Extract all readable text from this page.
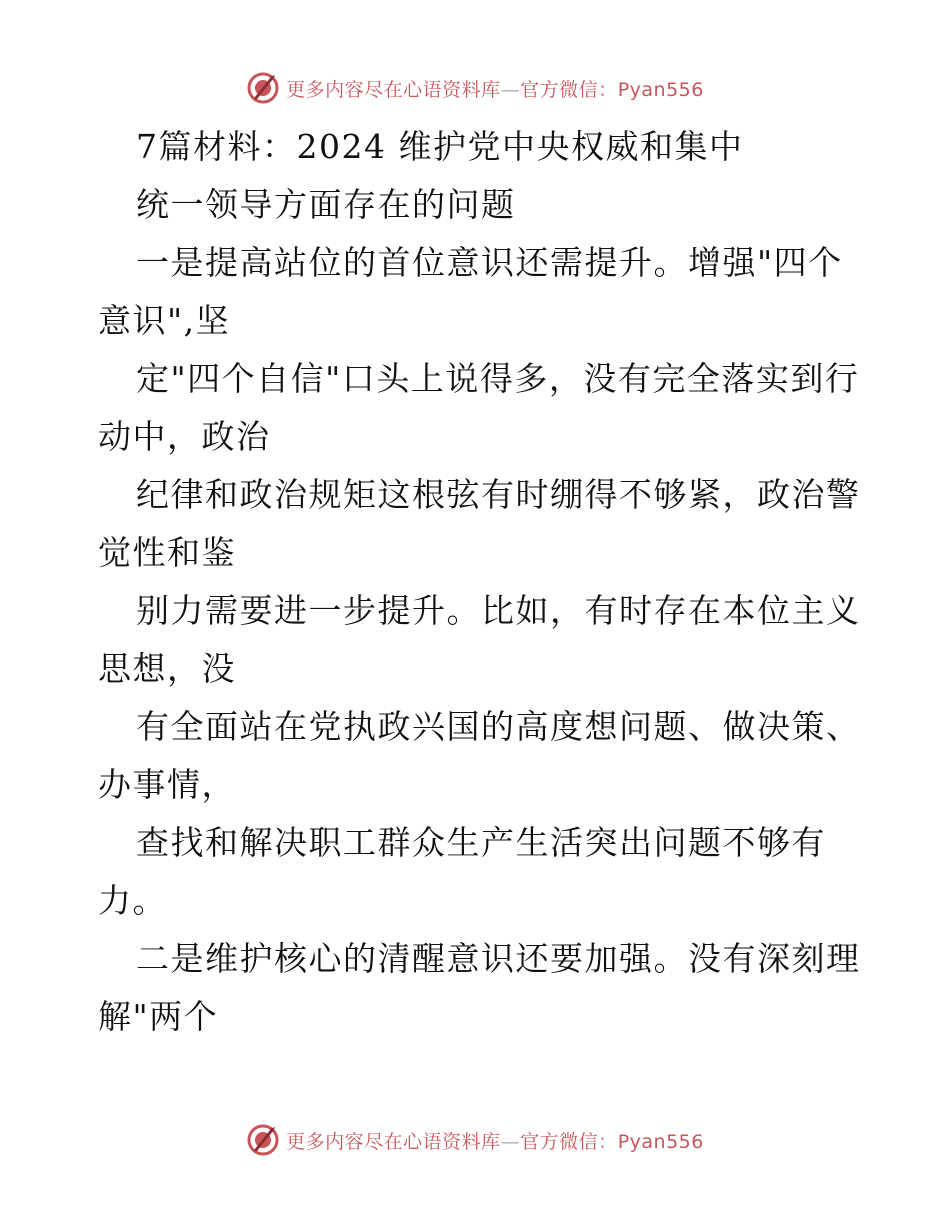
更多内容尽在心语资料库—官方微信：Pyan556
7篇材料：2024 维护党中央权威和集中
统一领导方面存在的问题
一是提高站位的首位意识还需提升。增强"四个
意识",坚
定"四个自信"口头上说得多，没有完全落实到行
动中，政治
纪律和政治规矩这根弦有时绷得不够紧，政治警
觉性和鉴
别力需要进一步提升。比如，有时存在本位主义
思想，没
有全面站在党执政兴国的高度想问题、做决策、
办事情，
查找和解决职工群众生产生活突出问题不够有
力。
二是维护核心的清醒意识还要加强。没有深刻理
解"两个
更多内容尽在心语资料库—官方微信：Pyan556
